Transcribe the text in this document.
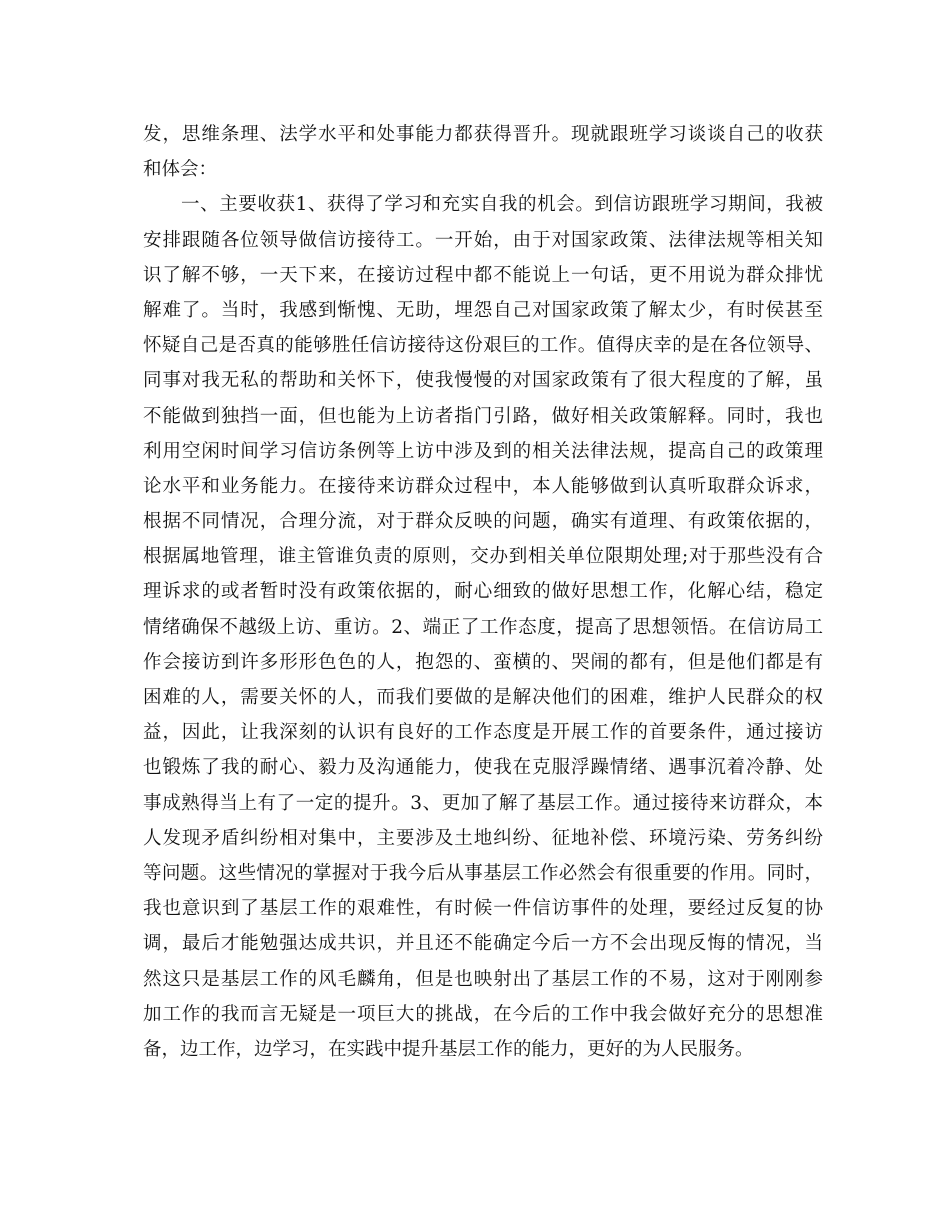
发，思维条理、法学水平和处事能力都获得晋升。现就跟班学习谈谈自己的收获
和体会：
一、主要收获1、获得了学习和充实自我的机会。到信访跟班学习期间，我被
安排跟随各位领导做信访接待工。一开始，由于对国家政策、法律法规等相关知
识了解不够，一天下来，在接访过程中都不能说上一句话，更不用说为群众排忧
解难了。当时，我感到惭愧、无助，埋怨自己对国家政策了解太少，有时侯甚至
怀疑自己是否真的能够胜任信访接待这份艰巨的工作。值得庆幸的是在各位领导、
同事对我无私的帮助和关怀下，使我慢慢的对国家政策有了很大程度的了解，虽
不能做到独挡一面，但也能为上访者指门引路，做好相关政策解释。同时，我也
利用空闲时间学习信访条例等上访中涉及到的相关法律法规，提高自己的政策理
论水平和业务能力。在接待来访群众过程中，本人能够做到认真听取群众诉求，
根据不同情况，合理分流，对于群众反映的问题，确实有道理、有政策依据的，
根据属地管理，谁主管谁负责的原则，交办到相关单位限期处理;对于那些没有合
理诉求的或者暂时没有政策依据的，耐心细致的做好思想工作，化解心结，稳定
情绪确保不越级上访、重访。2、端正了工作态度，提高了思想领悟。在信访局工
作会接访到许多形形色色的人，抱怨的、蛮横的、哭闹的都有，但是他们都是有
困难的人，需要关怀的人，而我们要做的是解决他们的困难，维护人民群众的权
益，因此，让我深刻的认识有良好的工作态度是开展工作的首要条件，通过接访
也锻炼了我的耐心、毅力及沟通能力，使我在克服浮躁情绪、遇事沉着冷静、处
事成熟得当上有了一定的提升。3、更加了解了基层工作。通过接待来访群众，本
人发现矛盾纠纷相对集中，主要涉及土地纠纷、征地补偿、环境污染、劳务纠纷
等问题。这些情况的掌握对于我今后从事基层工作必然会有很重要的作用。同时，
我也意识到了基层工作的艰难性，有时候一件信访事件的处理，要经过反复的协
调，最后才能勉强达成共识，并且还不能确定今后一方不会出现反悔的情况，当
然这只是基层工作的风毛麟角，但是也映射出了基层工作的不易，这对于刚刚参
加工作的我而言无疑是一项巨大的挑战，在今后的工作中我会做好充分的思想准
备，边工作，边学习，在实践中提升基层工作的能力，更好的为人民服务。
